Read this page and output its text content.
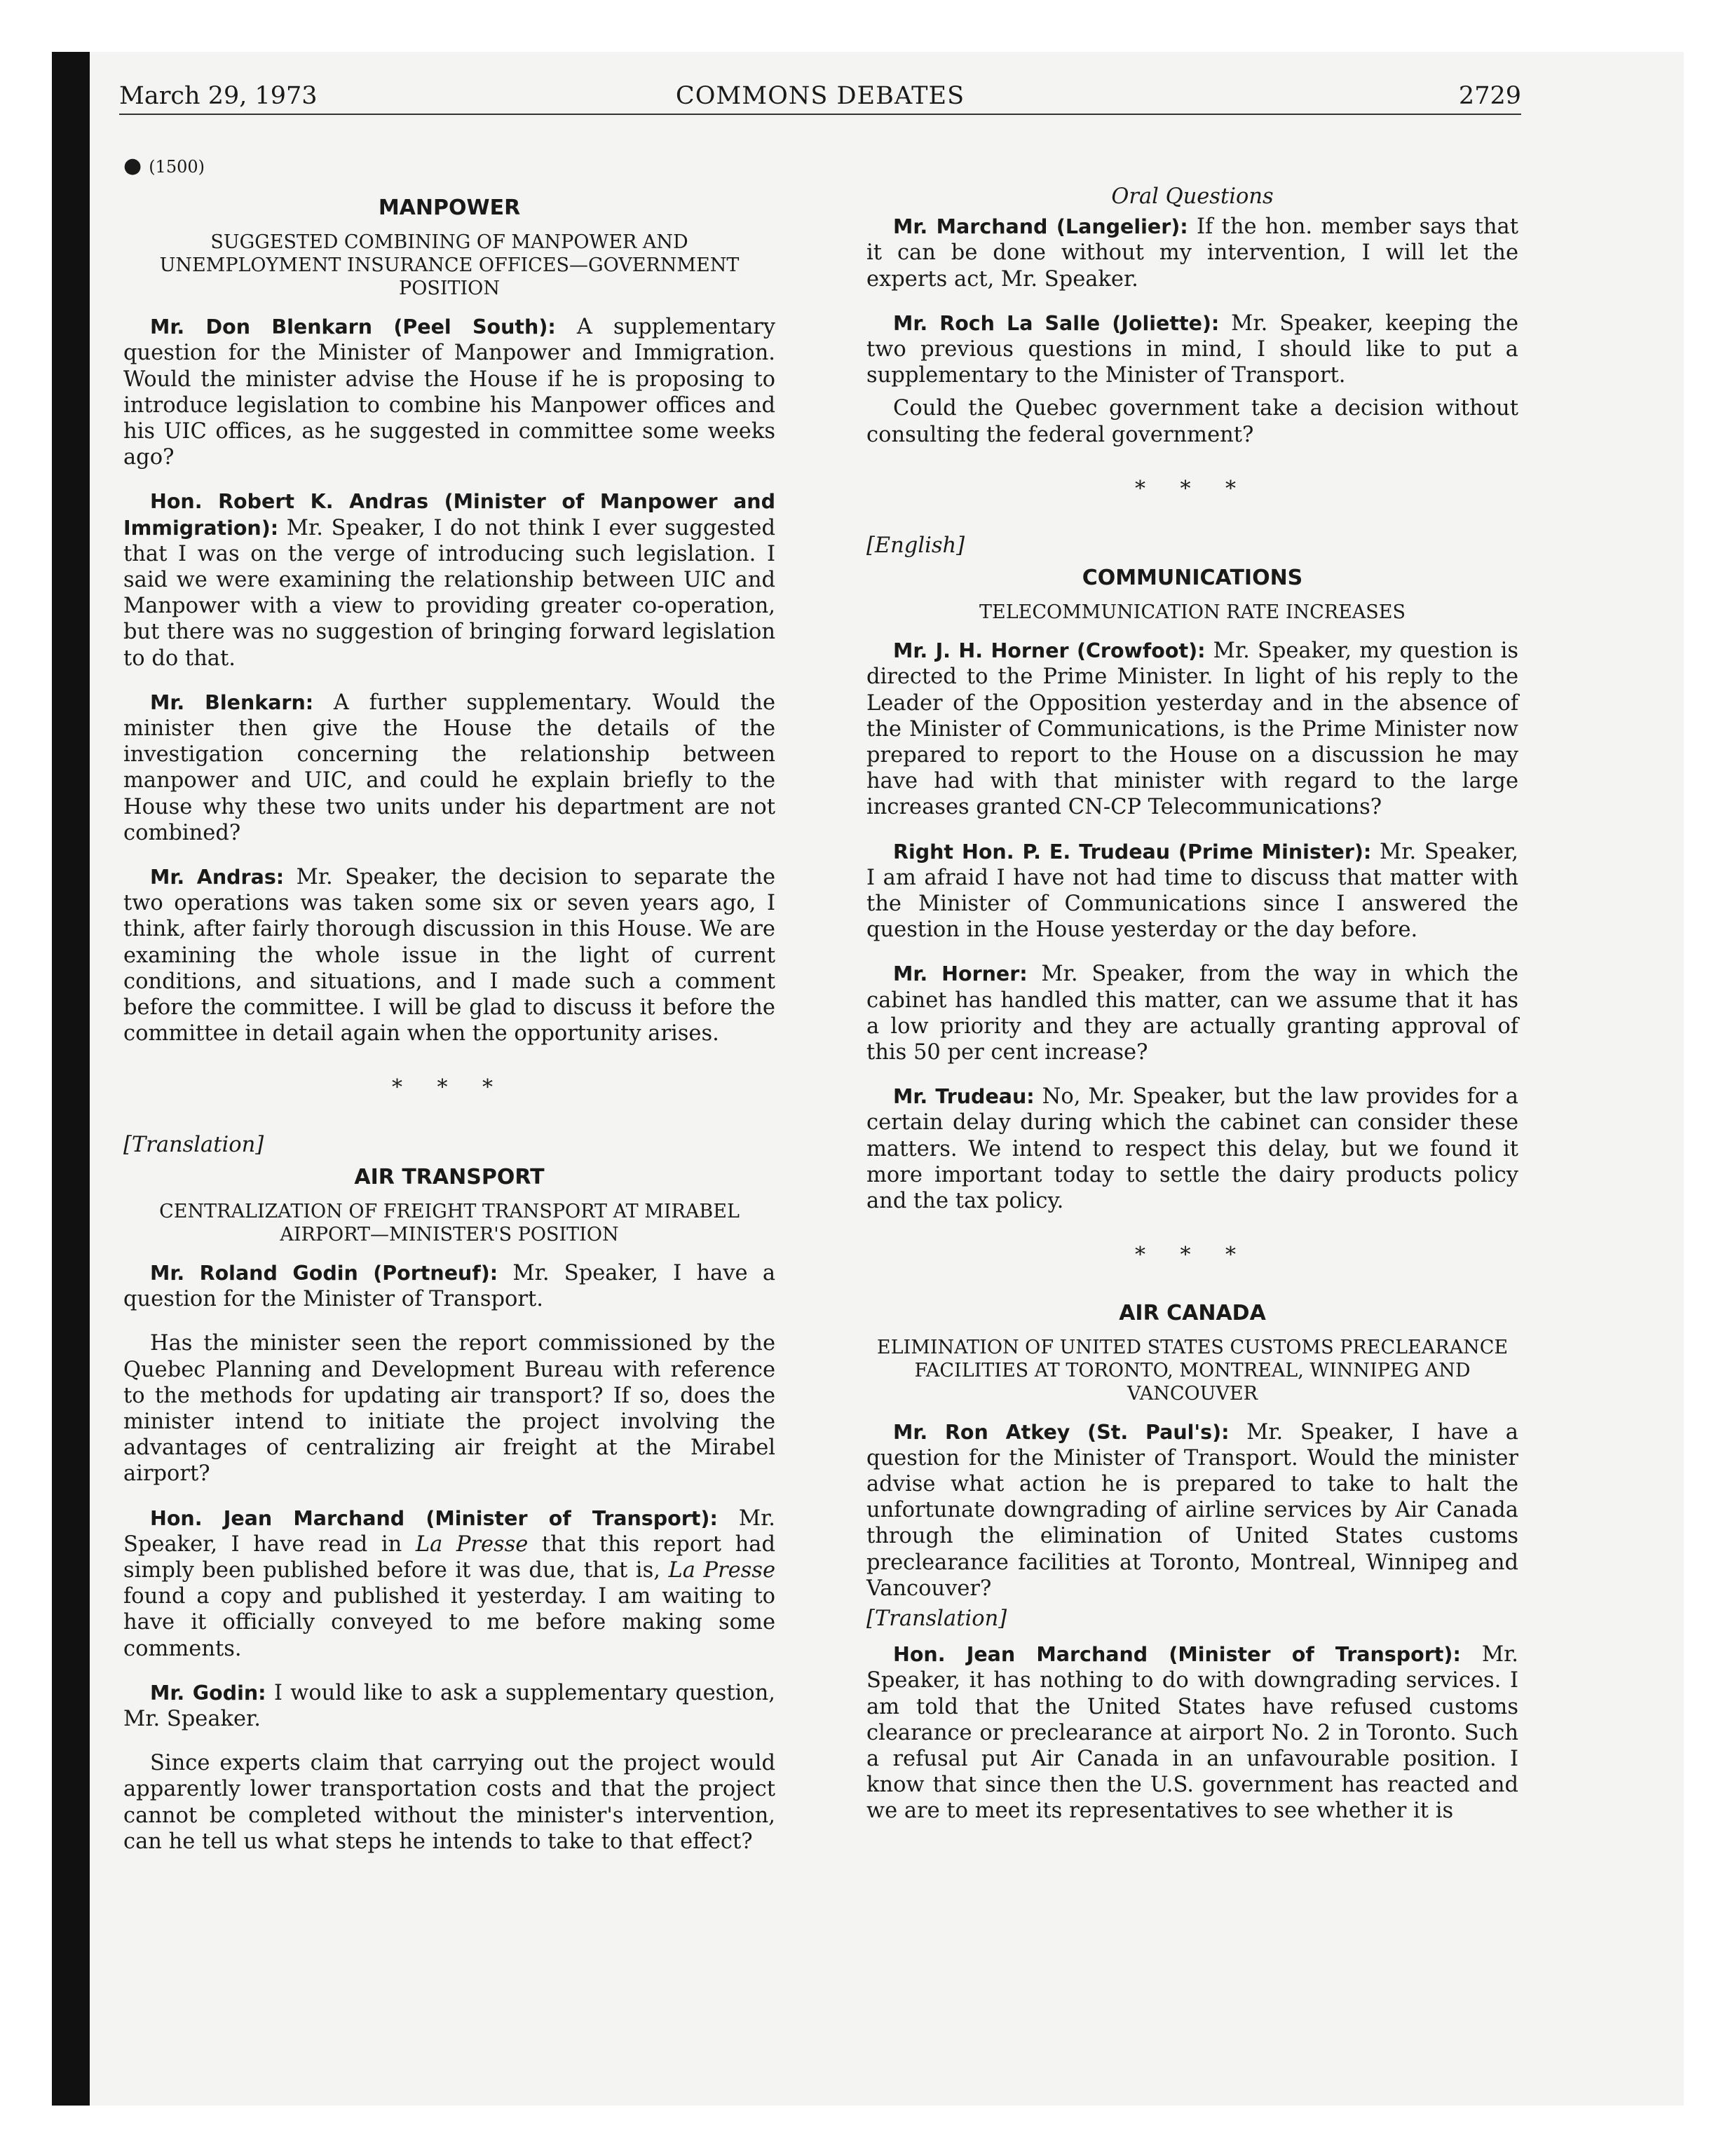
March 29, 1973	COMMONS DEBATES	2729
● (1500)
MANPOWER
SUGGESTED COMBINING OF MANPOWER AND UNEMPLOYMENT INSURANCE OFFICES—GOVERNMENT POSITION

Mr. Don Blenkarn (Peel South): A supplementary question for the Minister of Manpower and Immigration. Would the minister advise the House if he is proposing to introduce legislation to combine his Manpower offices and his UIC offices, as he suggested in committee some weeks ago?

Hon. Robert K. Andras (Minister of Manpower and Immigration): Mr. Speaker, I do not think I ever suggested that I was on the verge of introducing such legislation. I said we were examining the relationship between UIC and Manpower with a view to providing greater co-operation, but there was no suggestion of bringing forward legislation to do that.

Mr. Blenkarn: A further supplementary. Would the minister then give the House the details of the investigation concerning the relationship between manpower and UIC, and could he explain briefly to the House why these two units under his department are not combined?

Mr. Andras: Mr. Speaker, the decision to separate the two operations was taken some six or seven years ago, I think, after fairly thorough discussion in this House. We are examining the whole issue in the light of current conditions, and situations, and I made such a comment before the committee. I will be glad to discuss it before the committee in detail again when the opportunity arises.

* * *
[Translation]
AIR TRANSPORT
CENTRALIZATION OF FREIGHT TRANSPORT AT MIRABEL AIRPORT—MINISTER'S POSITION

Mr. Roland Godin (Portneuf): Mr. Speaker, I have a question for the Minister of Transport.

Has the minister seen the report commissioned by the Quebec Planning and Development Bureau with reference to the methods for updating air transport? If so, does the minister intend to initiate the project involving the advantages of centralizing air freight at the Mirabel airport?

Hon. Jean Marchand (Minister of Transport): Mr. Speaker, I have read in La Presse that this report had simply been published before it was due, that is, La Presse found a copy and published it yesterday. I am waiting to have it officially conveyed to me before making some comments.

Mr. Godin: I would like to ask a supplementary question, Mr. Speaker.

Since experts claim that carrying out the project would apparently lower transportation costs and that the project cannot be completed without the minister's intervention, can he tell us what steps he intends to take to that effect?

Oral Questions

Mr. Marchand (Langelier): If the hon. member says that it can be done without my intervention, I will let the experts act, Mr. Speaker.

Mr. Roch La Salle (Joliette): Mr. Speaker, keeping the two previous questions in mind, I should like to put a supplementary to the Minister of Transport.

Could the Quebec government take a decision without consulting the federal government?

* * *
[English]
COMMUNICATIONS
TELECOMMUNICATION RATE INCREASES

Mr. J. H. Horner (Crowfoot): Mr. Speaker, my question is directed to the Prime Minister. In light of his reply to the Leader of the Opposition yesterday and in the absence of the Minister of Communications, is the Prime Minister now prepared to report to the House on a discussion he may have had with that minister with regard to the large increases granted CN-CP Telecommunications?

Right Hon. P. E. Trudeau (Prime Minister): Mr. Speaker, I am afraid I have not had time to discuss that matter with the Minister of Communications since I answered the question in the House yesterday or the day before.

Mr. Horner: Mr. Speaker, from the way in which the cabinet has handled this matter, can we assume that it has a low priority and they are actually granting approval of this 50 per cent increase?

Mr. Trudeau: No, Mr. Speaker, but the law provides for a certain delay during which the cabinet can consider these matters. We intend to respect this delay, but we found it more important today to settle the dairy products policy and the tax policy.

* * *
AIR CANADA
ELIMINATION OF UNITED STATES CUSTOMS PRECLEARANCE FACILITIES AT TORONTO, MONTREAL, WINNIPEG AND VANCOUVER

Mr. Ron Atkey (St. Paul's): Mr. Speaker, I have a question for the Minister of Transport. Would the minister advise what action he is prepared to take to halt the unfortunate downgrading of airline services by Air Canada through the elimination of United States customs preclearance facilities at Toronto, Montreal, Winnipeg and Vancouver?

[Translation]

Hon. Jean Marchand (Minister of Transport): Mr. Speaker, it has nothing to do with downgrading services. I am told that the United States have refused customs clearance or preclearance at airport No. 2 in Toronto. Such a refusal put Air Canada in an unfavourable position. I know that since then the U.S. government has reacted and we are to meet its representatives to see whether it is
